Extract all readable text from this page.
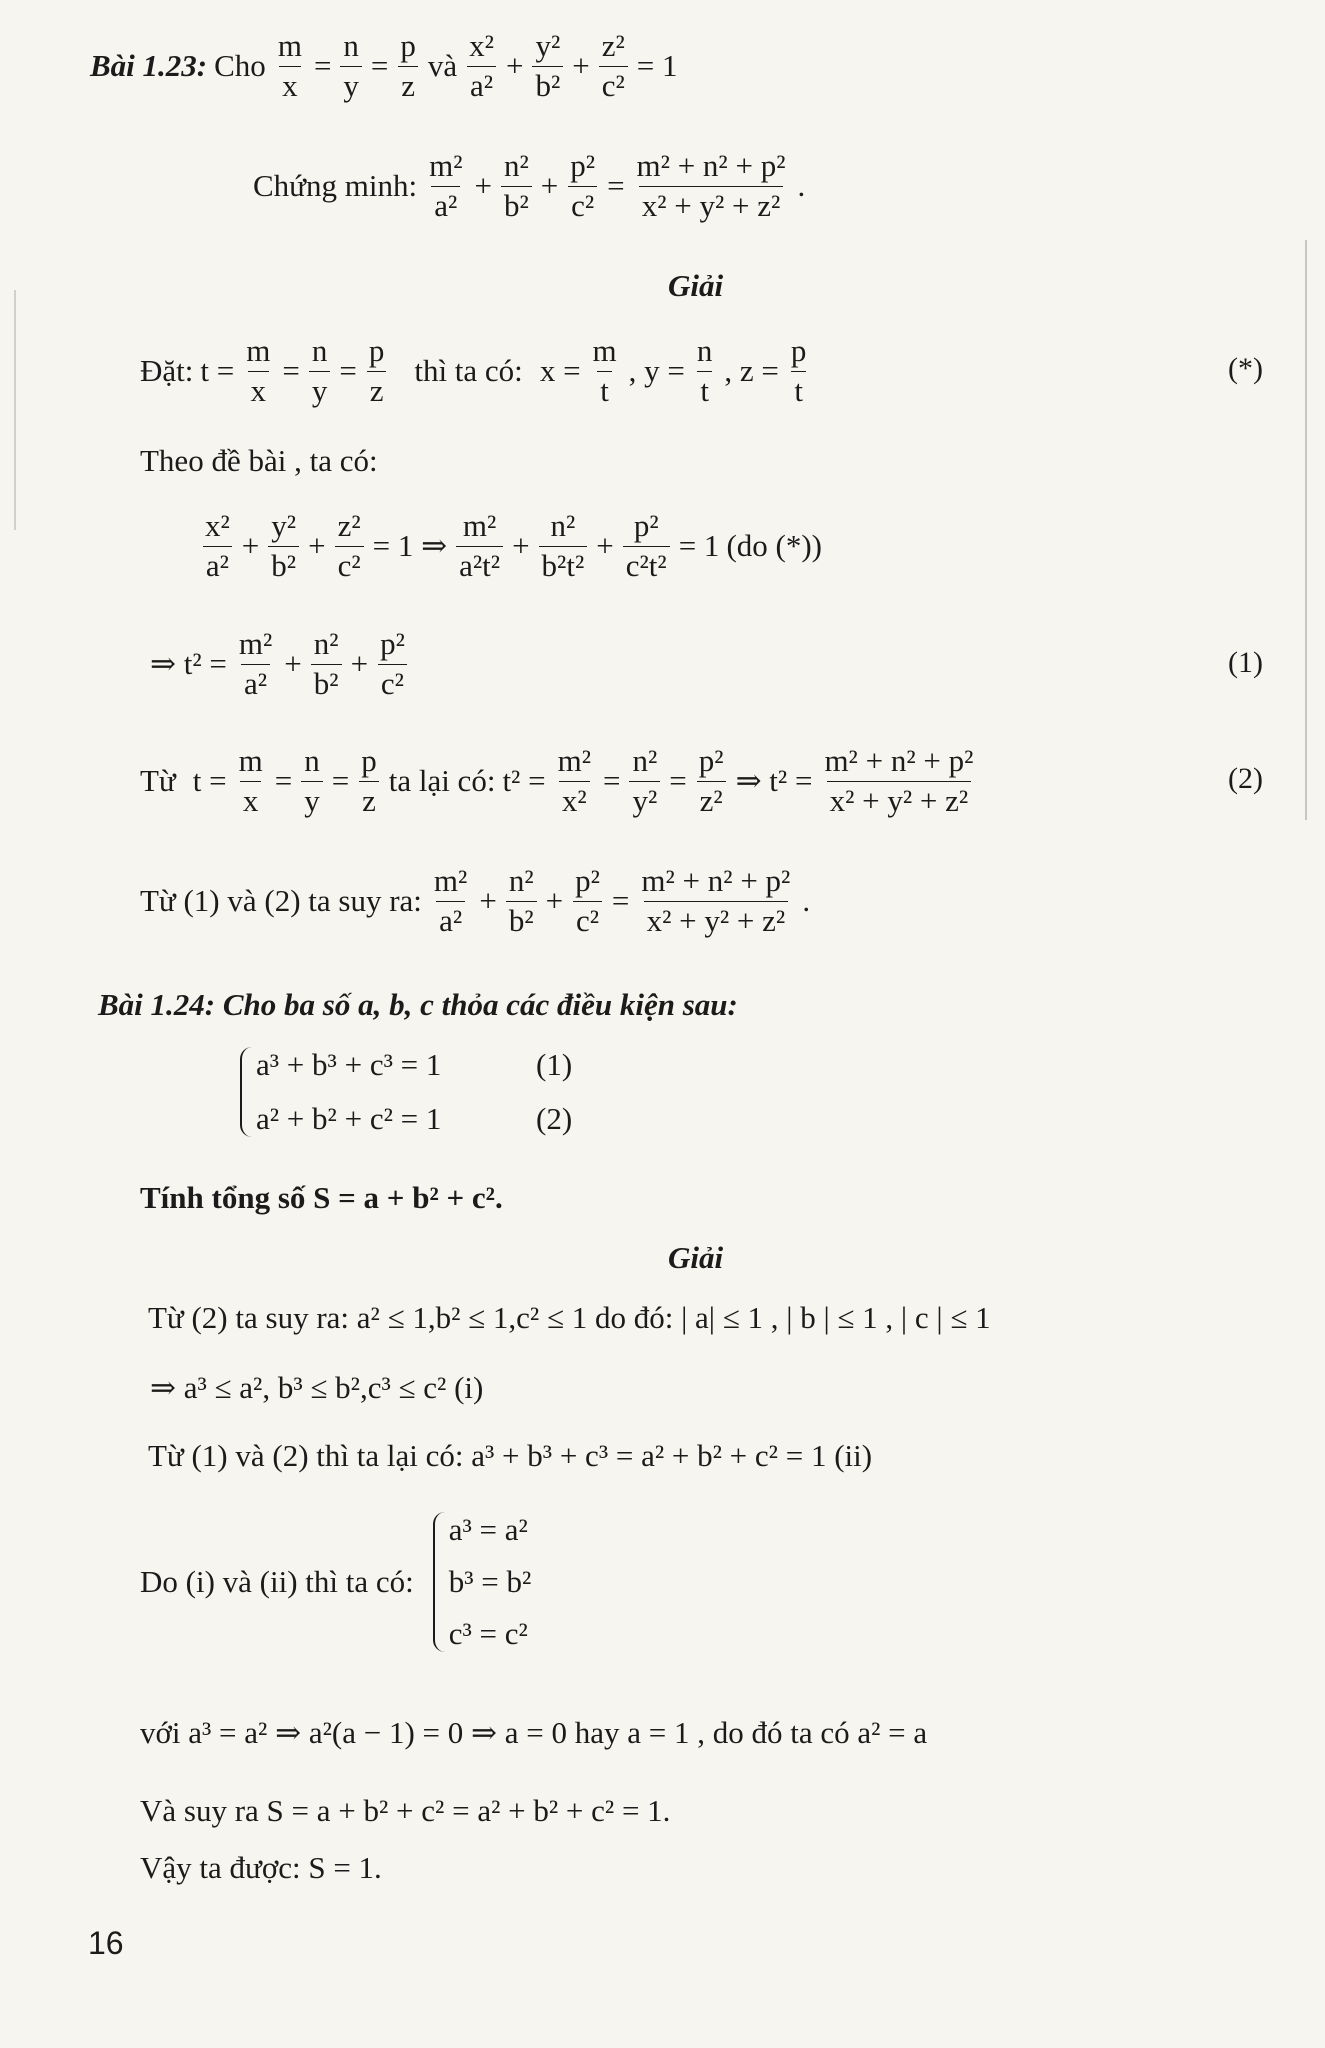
Bài 1.23: Cho $\frac{m}{x} = \frac{n}{y} = \frac{p}{z}$ và $\frac{\text{x²}}{\text{a²}} + \frac{\text{y²}}{\text{b²}} + \frac{\text{z²}}{\text{c²}} = 1$
Chứng minh: $\frac{\text{m²}}{\text{a²}} + \frac{\text{n²}}{\text{b²}} + \frac{\text{p²}}{\text{c²}} = \frac{\text{m² + n² + p²}}{\text{x² + y² + z²}}$ .
Giải
Đặt: $t = \frac{m}{x} = \frac{n}{y} = \frac{p}{z}$ thì ta có: $x = \frac{m}{t}$ , $y = \frac{n}{t}$ , $z = \frac{p}{t}$	(*)
Theo đề bài , ta có:
$\frac{\text{x²}}{\text{a²}} + \frac{\text{y²}}{\text{b²}} + \frac{\text{z²}}{\text{c²}} = 1$ ⇒ $\frac{\text{m²}}{\text{a²t²}} + \frac{\text{n²}}{\text{b²t²}} + \frac{\text{p²}}{\text{c²t²}} = 1$ (do (*))
⇒ $t^2 = \frac{\text{m²}}{\text{a²}} + \frac{\text{n²}}{\text{b²}} + \frac{\text{p²}}{\text{c²}}$	(1)
Từ $t = \frac{m}{x} = \frac{n}{y} = \frac{p}{z}$ ta lại có: $t^2 = \frac{\text{m²}}{\text{x²}} = \frac{\text{n²}}{\text{y²}} = \frac{\text{p²}}{\text{z²}}$ ⇒ $t^2 = \frac{\text{m² + n² + p²}}{\text{x² + y² + z²}}$	(2)
Từ (1) và (2) ta suy ra: $\frac{\text{m²}}{\text{a²}} + \frac{\text{n²}}{\text{b²}} + \frac{\text{p²}}{\text{c²}} = \frac{\text{m² + n² + p²}}{\text{x² + y² + z²}}$ .
Bài 1.24: Cho ba số a, b, c thỏa các điều kiện sau:
a³ + b³ + c³ = 1	(1)
a² + b² + c² = 1	(2)
Tính tổng số S = a + b² + c².
Giải
Từ (2) ta suy ra: a² ≤ 1,b² ≤ 1,c² ≤ 1 do đó: | a| ≤ 1 , | b | ≤ 1 , | c | ≤ 1
⇒ a³ ≤ a², b³ ≤ b²,c³ ≤ c² (i)
Từ (1) và (2) thì ta lại có: a³ + b³ + c³ = a² + b² + c² = 1 (ii)
Do (i) và (ii) thì ta có:
a³ = a²
b³ = b²
c³ = c²
với a³ = a² ⇒ a²(a − 1) = 0 ⇒ a = 0 hay a = 1 , do đó ta có a² = a
Và suy ra S = a + b² + c² = a² + b² + c² = 1.
Vậy ta được: S = 1.
16
